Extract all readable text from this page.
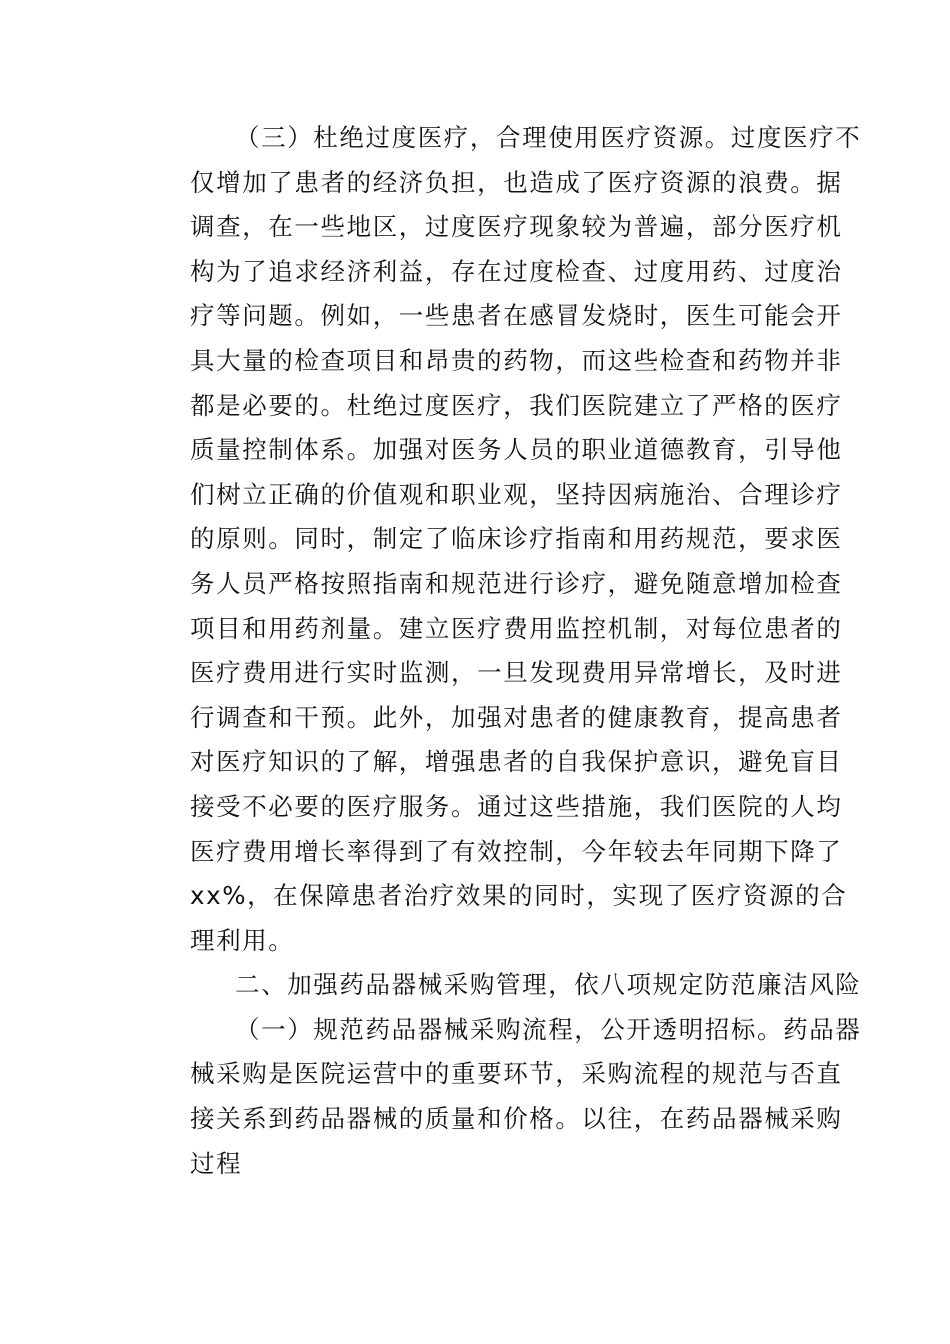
（三）杜绝过度医疗，合理使用医疗资源。过度医疗不
仅增加了患者的经济负担，也造成了医疗资源的浪费。据
调查，在一些地区，过度医疗现象较为普遍，部分医疗机
构为了追求经济利益，存在过度检查、过度用药、过度治
疗等问题。例如，一些患者在感冒发烧时，医生可能会开
具大量的检查项目和昂贵的药物，而这些检查和药物并非
都是必要的。杜绝过度医疗，我们医院建立了严格的医疗
质量控制体系。加强对医务人员的职业道德教育，引导他
们树立正确的价值观和职业观，坚持因病施治、合理诊疗
的原则。同时，制定了临床诊疗指南和用药规范，要求医
务人员严格按照指南和规范进行诊疗，避免随意增加检查
项目和用药剂量。建立医疗费用监控机制，对每位患者的
医疗费用进行实时监测，一旦发现费用异常增长，及时进
行调查和干预。此外，加强对患者的健康教育，提高患者
对医疗知识的了解，增强患者的自我保护意识，避免盲目
接受不必要的医疗服务。通过这些措施，我们医院的人均
医疗费用增长率得到了有效控制，今年较去年同期下降了
xx%，在保障患者治疗效果的同时，实现了医疗资源的合
理利用。
二、加强药品器械采购管理，依八项规定防范廉洁风险
（一）规范药品器械采购流程，公开透明招标。药品器
械采购是医院运营中的重要环节，采购流程的规范与否直
接关系到药品器械的质量和价格。以往，在药品器械采购
过程
